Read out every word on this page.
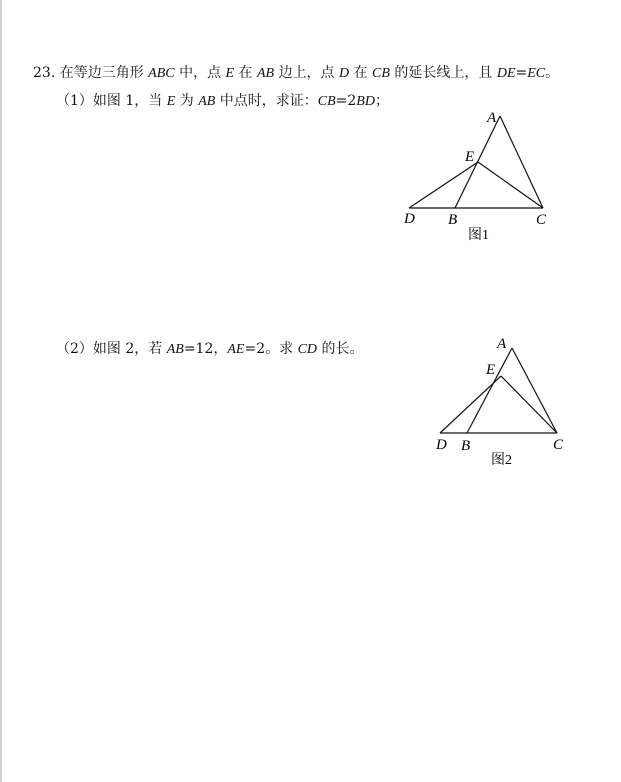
23. 在等边三角形 ABC 中，点 E 在 AB 边上，点 D 在 CB 的延长线上，且 DE=EC。
（1）如图 1，当 E 为 AB 中点时，求证：CB=2BD；
A
E
D B	C
图1
（2）如图 2，若 AB=12，AE=2。求 CD 的长。	A
E
D B	C
图2
